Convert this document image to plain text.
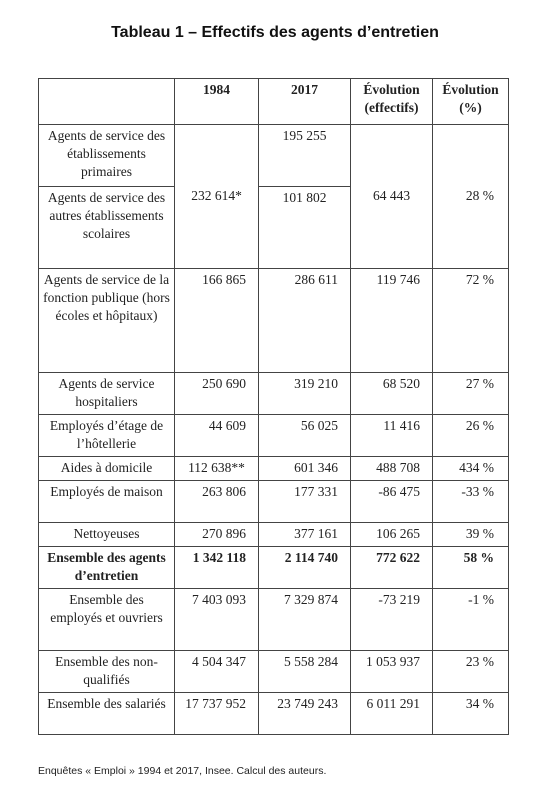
Tableau 1 – Effectifs des agents d’entretien
	1984	2017	Évolution (effectifs)	Évolution (%)
Agents de service des établissements primaires	232 614*	195 255	64 443	28 %
Agents de service des autres établissements scolaires		101 802		
Agents de service de la fonction publique (hors écoles et hôpitaux)	166 865	286 611	119 746	72 %
Agents de service hospitaliers	250 690	319 210	68 520	27 %
Employés d’étage de l’hôtellerie	44 609	56 025	11 416	26 %
Aides à domicile	112 638**	601 346	488 708	434 %
Employés de maison	263 806	177 331	-86 475	-33 %
Nettoyeuses	270 896	377 161	106 265	39 %
Ensemble des agents d’entretien	1 342 118	2 114 740	772 622	58 %
Ensemble des employés et ouvriers	7 403 093	7 329 874	-73 219	-1 %
Ensemble des non-qualifiés	4 504 347	5 558 284	1 053 937	23 %
Ensemble des salariés	17 737 952	23 749 243	6 011 291	34 %
Enquêtes « Emploi » 1994 et 2017, Insee. Calcul des auteurs.
